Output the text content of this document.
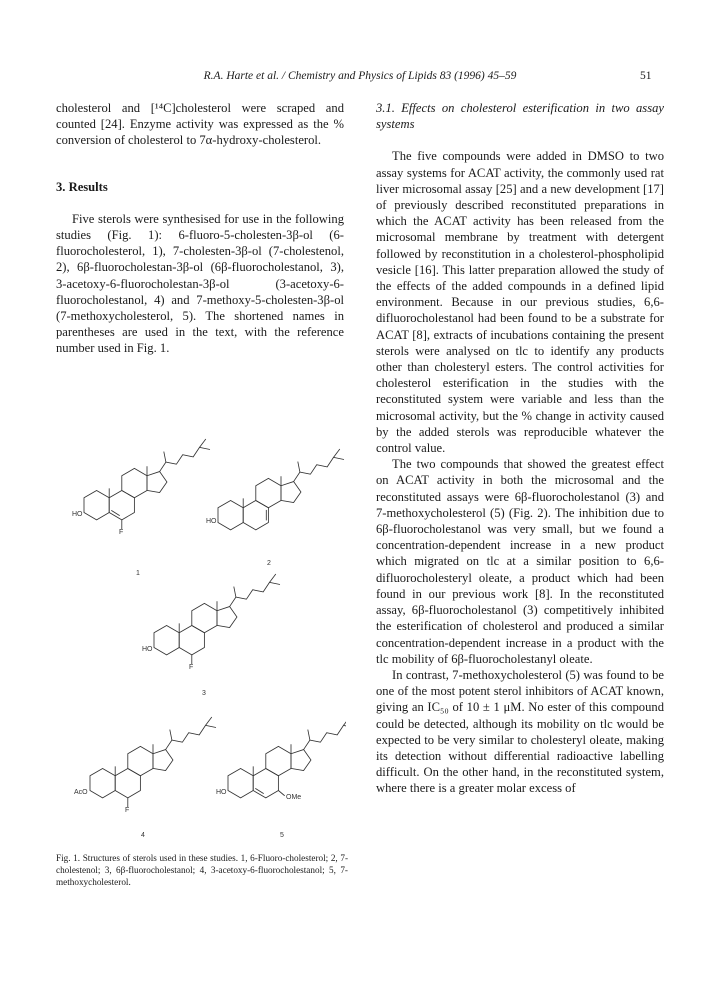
R.A. Harte et al. / Chemistry and Physics of Lipids 83 (1996) 45–59	51

cholesterol and [¹⁴C]cholesterol were scraped and counted [24]. Enzyme activity was expressed as the % conversion of cholesterol to 7α-hydroxy-cholesterol.

3. Results

Five sterols were synthesised for use in the following studies (Fig. 1): 6-fluoro-5-cholesten-3β-ol (6-fluorocholesterol, 1), 7-cholesten-3β-ol (7-cholestenol, 2), 6β-fluorocholestan-3β-ol (6β-fluorocholestanol, 3), 3-acetoxy-6-fluorocholestan-3β-ol (3-acetoxy-6-fluorocholestanol, 4) and 7-methoxy-5-cholesten-3β-ol (7-methoxycholesterol, 5). The shortened names in parentheses are used in the text, with the reference number used in Fig. 1.

HO
F
1
HO
2
HO
F
3
AcO
F
4
HO
OMe
5
Fig. 1. Structures of sterols used in these studies. 1, 6-Fluoro-cholesterol; 2, 7-cholestenol; 3, 6β-fluorocholestanol; 4, 3-acetoxy-6-fluorocholestanol; 5, 7-methoxycholesterol.

3.1. Effects on cholesterol esterification in two assay systems

The five compounds were added in DMSO to two assay systems for ACAT activity, the commonly used rat liver microsomal assay [25] and a new development [17] of previously described reconstituted preparations in which the ACAT activity has been released from the microsomal membrane by treatment with detergent followed by reconstitution in a cholesterol-phospholipid vesicle [16]. This latter preparation allowed the study of the effects of the added compounds in a defined lipid environment. Because in our previous studies, 6,6-difluorocholestanol had been found to be a substrate for ACAT [8], extracts of incubations containing the present sterols were analysed on tlc to identify any products other than cholesteryl esters. The control activities for cholesterol esterification in the studies with the reconstituted system were variable and less than the microsomal activity, but the % change in activity caused by the added sterols was reproducible whatever the control value.

The two compounds that showed the greatest effect on ACAT activity in both the microsomal and the reconstituted assays were 6β-fluorocholestanol (3) and 7-methoxycholesterol (5) (Fig. 2). The inhibition due to 6β-fluorocholestanol was very small, but we found a concentration-dependent increase in a new product which migrated on tlc at a similar position to 6,6-difluorocholesteryl oleate, a product which had been found in our previous work [8]. In the reconstituted assay, 6β-fluorocholestanol (3) competitively inhibited the esterification of cholesterol and produced a similar concentration-dependent increase in a product with the tlc mobility of 6β-fluorocholestanyl oleate.

In contrast, 7-methoxycholesterol (5) was found to be one of the most potent sterol inhibitors of ACAT known, giving an IC₅₀ of 10 ± 1 μM. No ester of this compound could be detected, although its mobility on tlc would be expected to be very similar to cholesteryl oleate, making its detection without differential radioactive labelling difficult. On the other hand, in the reconstituted system, where there is a greater molar excess of
